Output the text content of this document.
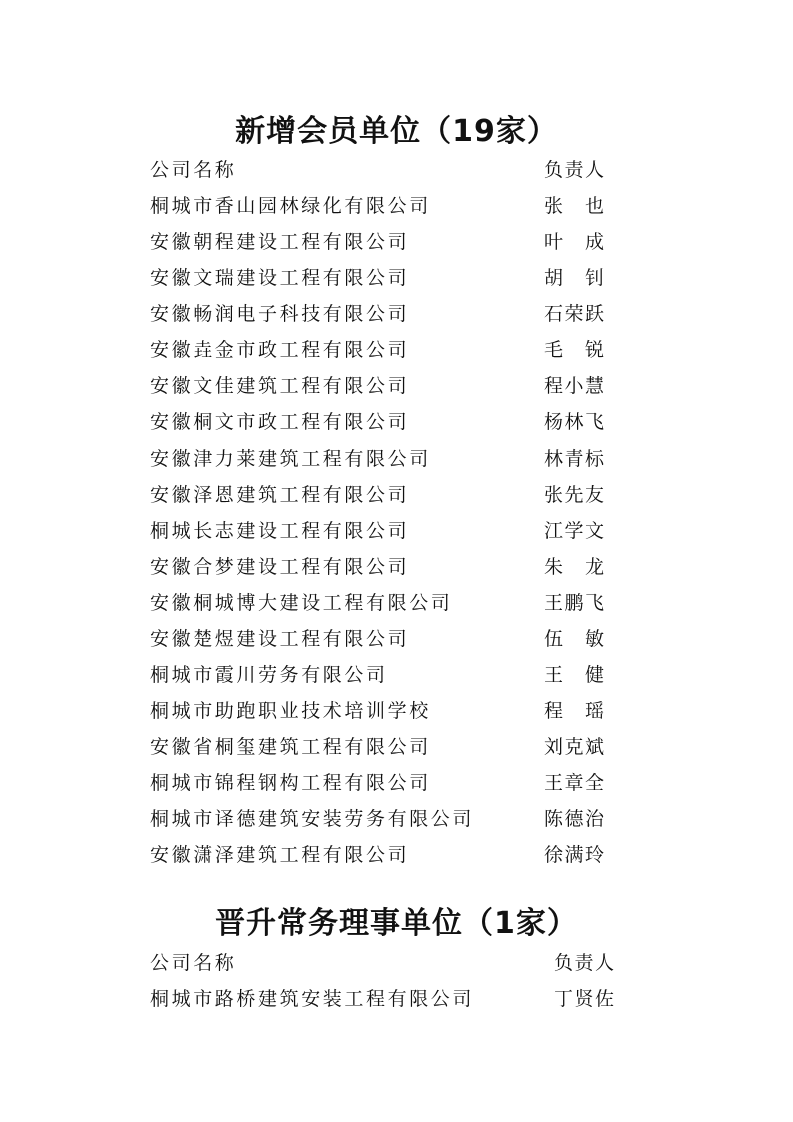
新增会员单位（19家）
公司名称	负责人
桐城市香山园林绿化有限公司	张 也
安徽朝程建设工程有限公司	叶 成
安徽文瑞建设工程有限公司	胡 钊
安徽畅润电子科技有限公司	石荣跃
安徽垚金市政工程有限公司	毛 锐
安徽文佳建筑工程有限公司	程小慧
安徽桐文市政工程有限公司	杨林飞
安徽津力莱建筑工程有限公司	林青标
安徽泽恩建筑工程有限公司	张先友
桐城长志建设工程有限公司	江学文
安徽合梦建设工程有限公司	朱 龙
安徽桐城博大建设工程有限公司	王鹏飞
安徽楚煜建设工程有限公司	伍 敏
桐城市霞川劳务有限公司	王 健
桐城市助跑职业技术培训学校	程 瑶
安徽省桐玺建筑工程有限公司	刘克斌
桐城市锦程钢构工程有限公司	王章全
桐城市译德建筑安装劳务有限公司	陈德治
安徽潇泽建筑工程有限公司	徐满玲
晋升常务理事单位（1家）
公司名称	负责人
桐城市路桥建筑安装工程有限公司	丁贤佐
